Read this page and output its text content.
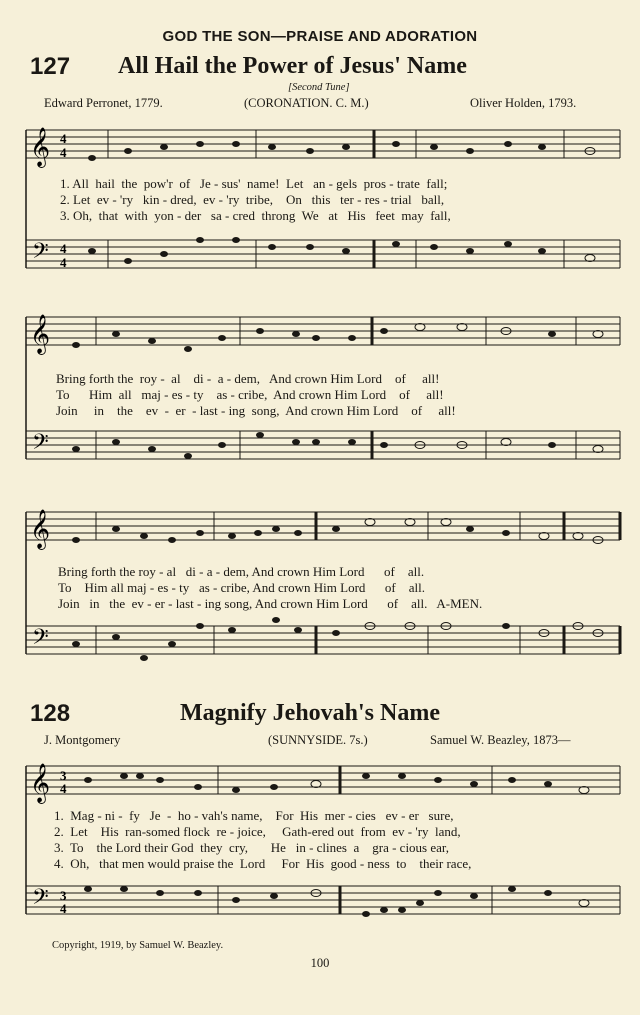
GOD THE SON—PRAISE AND ADORATION
127 All Hail the Power of Jesus' Name
[Second Tune]
Edward Perronet, 1779.	(CORONATION. C. M.)	Oliver Holden, 1793.
𝄞
𝄢
4
4
4
4
1. All  hail  the  pow'r  of   Je - sus'  name!  Let   an - gels  pros - trate  fall;
2. Let  ev - 'ry   kin - dred,  ev - 'ry  tribe,    On   this   ter - res - trial   ball,
3. Oh,  that  with  yon - der   sa - cred  throng  We   at   His   feet  may  fall,
𝄞
𝄢
Bring forth the  roy -  al    di -  a - dem,   And crown Him Lord    of     all!
To      Him  all   maj - es - ty    as - cribe,  And crown Him Lord    of     all!
Join     in    the    ev  -  er  - last - ing  song,  And crown Him Lord    of     all!
𝄞
𝄢
Bring forth the roy - al   di - a - dem, And crown Him Lord      of    all.
To    Him all maj - es - ty   as - cribe, And crown Him Lord      of    all.
Join   in   the  ev - er - last - ing song, And crown Him Lord      of    all.   A-MEN.
128	Magnify Jehovah's Name
J. Montgomery	(SUNNYSIDE. 7s.)	Samuel W. Beazley, 1873—
𝄞
𝄢
3
4
3
4
1.  Mag - ni -  fy   Je  -  ho - vah's name,    For  His  mer - cies   ev - er   sure,
2.  Let    His  ran-somed flock  re - joice,     Gath-ered out  from  ev - 'ry  land,
3.  To    the Lord their God  they  cry,       He   in - clines  a    gra - cious ear,
4.  Oh,   that men would praise the  Lord     For  His  good - ness  to    their race,
Copyright, 1919, by Samuel W. Beazley.
100
